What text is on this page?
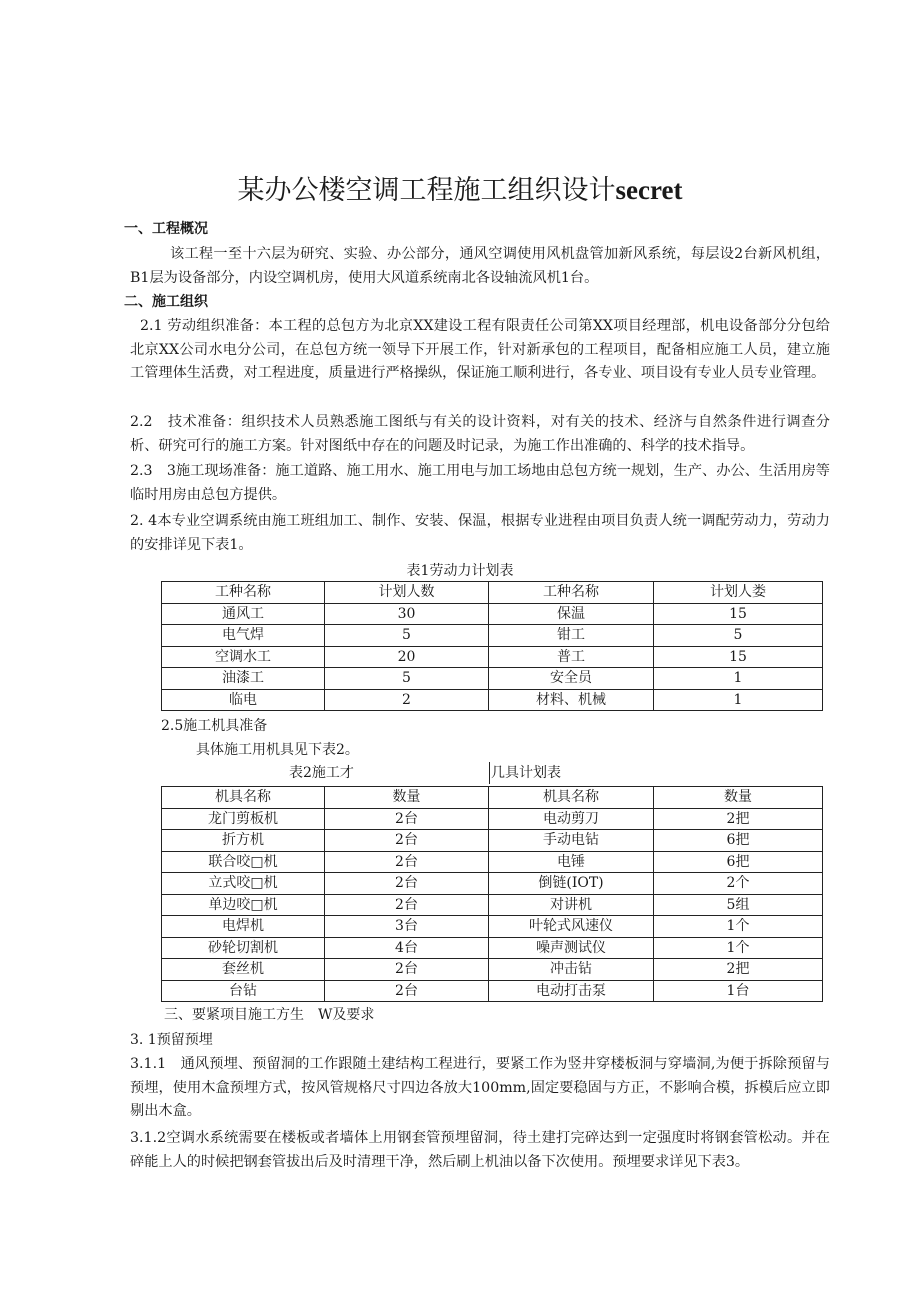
某办公楼空调工程施工组织设计secret
一、工程概况
该工程一至十六层为研究、实验、办公部分，通风空调使用风机盘管加新风系统，每层设2台新风机组，B1层为设备部分，内设空调机房，使用大风道系统南北各设轴流风机1台。
二、施工组织
2.1 劳动组织准备：本工程的总包方为北京XX建设工程有限责任公司第XX项目经理部，机电设备部分分包给北京XX公司水电分公司，在总包方统一领导下开展工作，针对新承包的工程项目，配备相应施工人员，建立施工管理体生活费，对工程进度，质量进行严格操纵，保证施工顺利进行，各专业、项目设有专业人员专业管理。
2.2　技术准备：组织技术人员熟悉施工图纸与有关的设计资料，对有关的技术、经济与自然条件进行调查分析、研究可行的施工方案。针对图纸中存在的问题及时记录，为施工作出准确的、科学的技术指导。
2.3　3施工现场准备：施工道路、施工用水、施工用电与加工场地由总包方统一规划，生产、办公、生活用房等临时用房由总包方提供。
2. 4本专业空调系统由施工班组加工、制作、安装、保温，根据专业进程由项目负责人统一调配劳动力，劳动力的安排详见下表1。
表1劳动力计划表
工种名称	计划人数	工种名称	计划人娄
通风工	30	保温	15
电气焊	5	钳工	5
空调水工	20	普工	15
油漆工	5	安全员	1
临电	2	材料、机械	1
2.5施工机具准备
具体施工用机具见下表2。
表2施工才	几具计划表
机具名称	数量	机具名称	数量
龙门剪板机	2台	电动剪刀	2把
折方机	2台	手动电钻	6把
联合咬□机	2台	电锤	6把
立式咬□机	2台	倒链(IOT)	2个
单边咬□机	2台	对讲机	5组
电焊机	3台	叶轮式风速仪	1个
砂轮切割机	4台	噪声测试仪	1个
套丝机	2台	冲击钻	2把
台钻	2台	电动打击泵	1台
三、要紧项目施工方生　W及要求
3. 1预留预埋
3.1.1　通风预埋、预留洞的工作跟随土建结构工程进行，要紧工作为竖井穿楼板洞与穿墙洞,为便于拆除预留与预埋，使用木盒预埋方式，按风管规格尺寸四边各放大100mm,固定要稳固与方正，不影响合模，拆模后应立即剔出木盒。
3.1.2空调水系统需要在楼板或者墙体上用钢套管预埋留洞，待土建打完碎达到一定强度时将钢套管松动。并在碎能上人的时候把钢套管拔出后及时清理干净，然后刷上机油以备下次使用。预埋要求详见下表3。
